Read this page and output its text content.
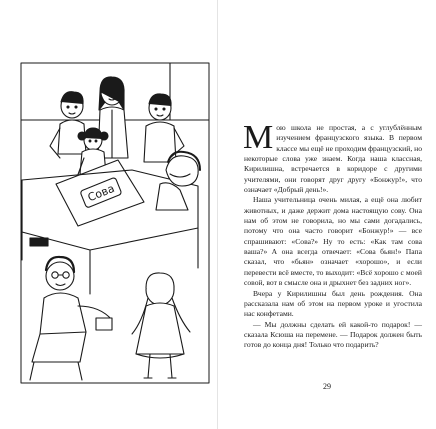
Сова

Мою школа не простая, а с углублённым изучением французского языка. В первом классе мы ещё не проходим французский, но некоторые слова уже знаем. Когда наша классная, Кирилишна, встречается в коридоре с другими учителями, они говорят друг другу «Бонжур!», что означает «Добрый день!».

Наша учительница очень милая, а ещё она любит животных, и даже держит дома настоящую сову. Она нам об этом не говорила, но мы сами догадались, потому что она часто говорит «Бонжур!» — все спрашивают: «Сова?» Ну то есть: «Как там сова ваша?» А она всегда отвечает: «Сова бьян!» Папа сказал, что «бьян» означает «хорошо», и если перевести всё вместе, то выходит: «Всё хорошо с моей совой, вот в смысле она и дрыхнет без задних ног».

Вчера у Кирилишны был день рождения. Она рассказала нам об этом на первом уроке и угостила нас конфетами.

— Мы должны сделать ей какой-то подарок! — сказала Ксюша на перемене. — Подарок должен быть готов до конца дня! Только что подарить?

29
